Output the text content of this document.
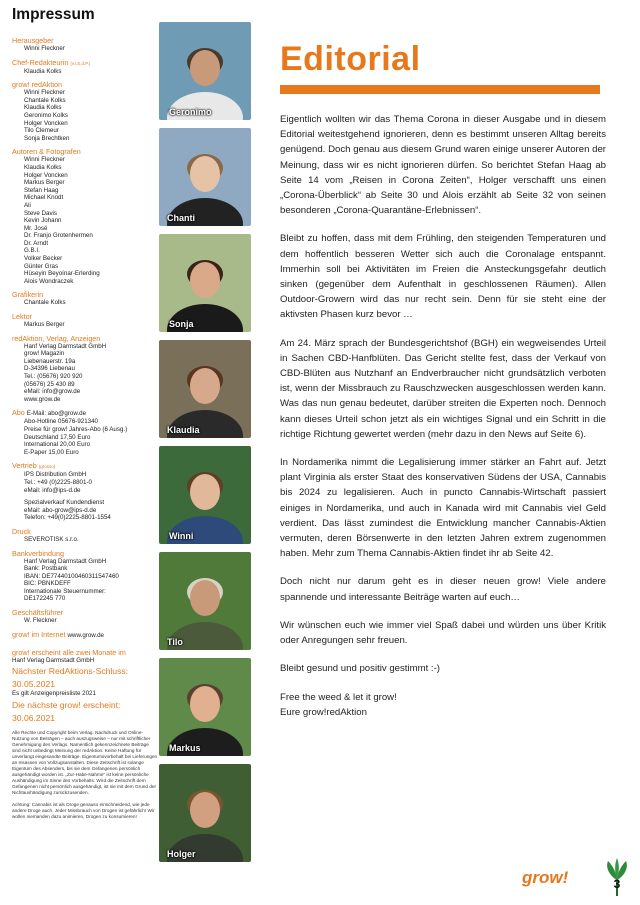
Impressum
Herausgeber
Winni Fleckner
Chef-Redakteurin (v.i.S.d.P.)
Klaudia Kolks
grow! redAktion
Winni Fleckner
Chantale Kolks
Klaudia Kolks
Geronimo Kolks
Holger Voncken
Tilo Clemeur
Sonja Brechtken
Autoren & Fotografen
Winni Fleckner
Klaudia Kolks
Holger Voncken
Markus Berger
Stefan Haag
Michael Knodt
Ali
Steve Davis
Kevin Johann
Mr. José
Dr. Franjo Grotenhermen
Dr. Arndt
G.B.I.
Volker Becker
Günter Gras
Hüseyin Beyoínar-Erlerding
Alois Wondraczek
Grafikerin
Chantale Kolks
Lektor
Markus Berger
redAktion, Verlag, Anzeigen
Hanf Verlag Darmstadt GmbH
grow! Magazin
Liebenauerstr. 19a
D-34396 Liebenau
Tel.: (05676) 920 920
(05676) 25 430 89
eMail: info@grow.de
www.grow.de
Abo E-Mail: abo@grow.de
Abo-Hotline 05676-921340
Preise für grow! Jahres-Abo (6 Ausg.)
Deutschland 17,50 Euro
International 20,00 Euro
E-Paper 15,00 Euro
Vertrieb (grosso)
IPS Distribution GmbH
Tel.: +49 (0)2225-8801-0
eMail: info@ips-d.de
Spezialverkauf Kundendienst
eMail: abo-grow@ips-d.de
Telefon: +49(0)2225-8801-1554
Druck
SEVEROTISK s.r.o.
Bankverbindung
Hanf Verlag Darmstadt GmbH
Bank: Postbank
IBAN: DE77440100460311547460
BIC: PBNKDEFF
Internationale Steuernummer:
DE172245 770
Geschäftsführer
W. Fleckner
grow! im Internet www.grow.de
grow! erscheint alle zwei Monate im
Hanf Verlag Darmstadt GmbH
Nächster RedAktions-Schluss:
30.05.2021
Es gilt Anzeigenpreisliste 2021
Die nächste grow! erscheint:
30.06.2021
Alle Rechte und Copyright beim Verlag. Nachdruck und Online-Nutzung von Beiträgen – auch auszugsweise – nur mit schriftlicher Genehmigung des Verlags. Namentlich gekennzeichnete Beiträge sind nicht unbedingt Meinung der redAktion. Keine Haftung für unverlangt eingesandte Beiträge. Eigentumsvorbehalt bei Lieferungen an Insassen von Vollzugsanstalten. Diese Zeitschrift ist solange Eigentum des Absenders, bis sie dem Gefangenen persönlich ausgehändigt worden ist. „Zur-Habe-Nahme“ ist keine persönliche Aushändigung im Sinne des Vorbehalts. Wird die Zeitschrift dem Gefangenen nicht persönlich ausgehändigt, ist sie mit dem Grund der Nichtaushändigung zurückzusenden.
Achtung: Cannabis ist als Droge genauso einschneidend, wie jede andere Droge auch. Jeder Missbrauch von Drogen ist gefährlich! Wir wollen niemanden dazu animieren, Drogen zu konsumieren!
Geronimo
Chanti
Sonja
Klaudia
Winni
Tilo
Markus
Holger
Editorial

Eigentlich wollten wir das Thema Corona in dieser Ausgabe und in diesem Editorial weitestgehend ignorieren, denn es bestimmt unseren Alltag bereits genügend. Doch genau aus diesem Grund waren einige unserer Autoren der Meinung, dass wir es nicht ignorieren dürfen. So berichtet Stefan Haag ab Seite 14 vom „Reisen in Corona Zeiten“, Holger verschafft uns einen „Corona-Überblick“ ab Seite 30 und Alois erzählt ab Seite 32 von seinen besonderen „Corona-Quarantäne-Erlebnissen“.

Bleibt zu hoffen, dass mit dem Frühling, den steigenden Temperaturen und dem hoffentlich besseren Wetter sich auch die Coronalage entspannt. Immerhin soll bei Aktivitäten im Freien die Ansteckungsgefahr deutlich sinken (gegenüber dem Aufenthalt in geschlossenen Räumen). Allen Outdoor-Growern wird das nur recht sein. Denn für sie steht eine der aktivsten Phasen kurz bevor …

Am 24. März sprach der Bundesgerichtshof (BGH) ein wegweisendes Urteil in Sachen CBD-Hanfblüten. Das Gericht stellte fest, dass der Verkauf von CBD-Blüten aus Nutzhanf an Endverbraucher nicht grundsätzlich verboten ist, wenn der Missbrauch zu Rauschzwecken ausgeschlossen werden kann. Was das nun genau bedeutet, darüber streiten die Experten noch. Dennoch kann dieses Urteil schon jetzt als ein wichtiges Signal und ein Schritt in die richtige Richtung gewertet werden (mehr dazu in den News auf Seite 6).

In Nordamerika nimmt die Legalisierung immer stärker an Fahrt auf. Jetzt plant Virginia als erster Staat des konservativen Südens der USA, Cannabis bis 2024 zu legalisieren. Auch in puncto Cannabis-Wirtschaft passiert einiges in Nordamerika, und auch in Kanada wird mit Cannabis viel Geld verdient. Das lässt zumindest die Entwicklung mancher Cannabis-Aktien vermuten, deren Börsenwerte in den letzten Jahren extrem zugenommen haben. Mehr zum Thema Cannabis-Aktien findet ihr ab Seite 42.

Doch nicht nur darum geht es in dieser neuen grow! Viele andere spannende und interessante Beiträge warten auf euch…

Wir wünschen euch wie immer viel Spaß dabei und würden uns über Kritik oder Anregungen sehr freuen.

Bleibt gesund und positiv gestimmt :-)

Free the weed & let it grow!

Eure grow!redAktion

grow!	3
